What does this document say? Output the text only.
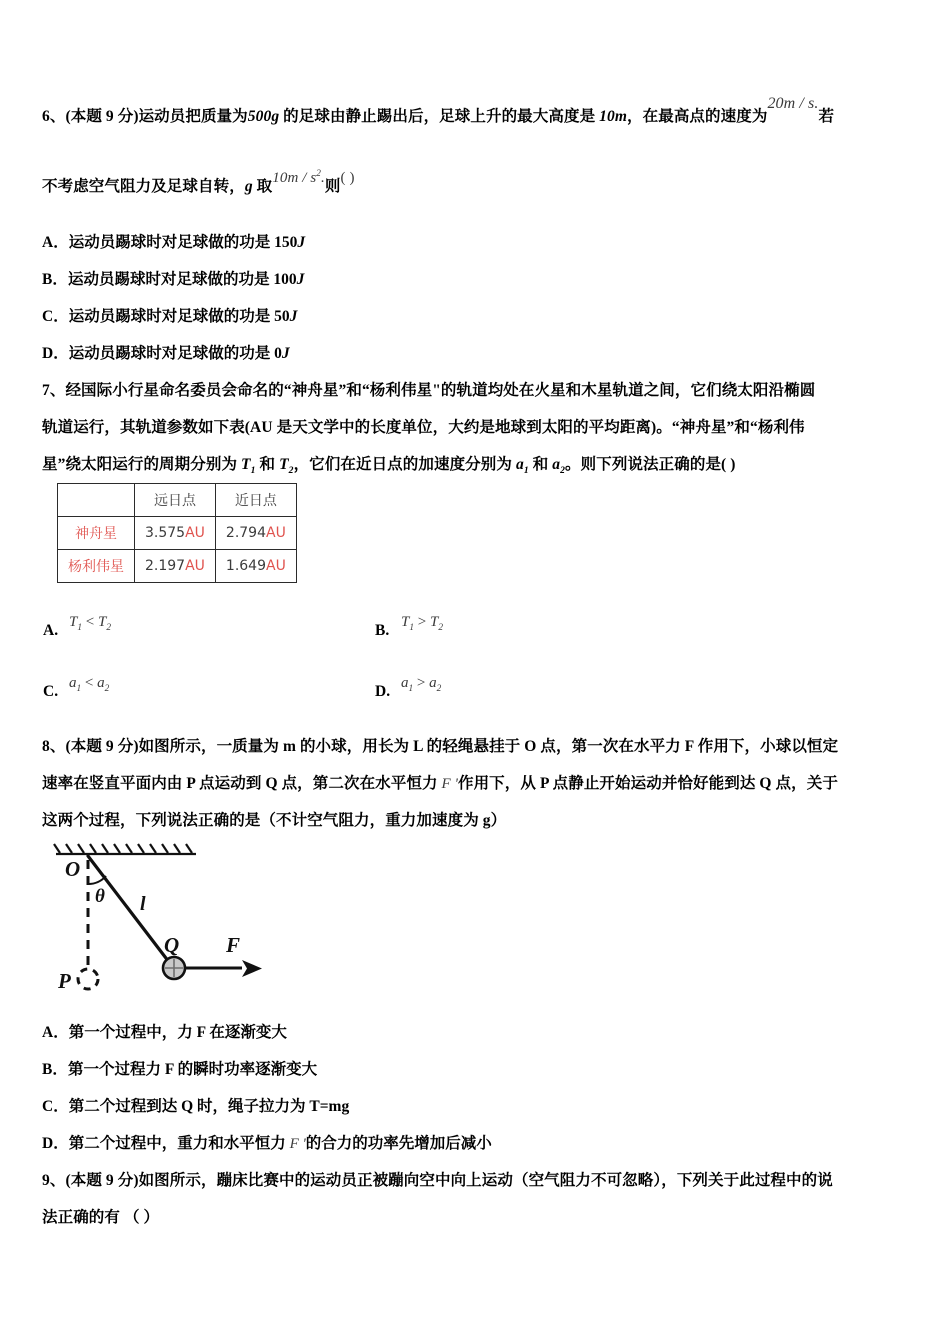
6、(本题 9 分)运动员把质量为500g 的足球由静止踢出后，足球上升的最大高度是 10m，在最高点的速度为20m / s.若
不考虑空气阻力及足球自转，g 取$10m / s^2$.则( )
A．运动员踢球时对足球做的功是 150J
B．运动员踢球时对足球做的功是 100J
C．运动员踢球时对足球做的功是 50J
D．运动员踢球时对足球做的功是 0J
7、经国际小行星命名委员会命名的“神舟星”和“杨利伟星"的轨道均处在火星和木星轨道之间，它们绕太阳沿椭圆
轨道运行，其轨道参数如下表(AU 是天文学中的长度单位，大约是地球到太阳的平均距离)。“神舟星”和“杨利伟
星”绕太阳运行的周期分别为 $T_1$ 和 $T_2$，它们在近日点的加速度分别为 $a_1$ 和 $a_2$。则下列说法正确的是( )
	远日点	近日点
神舟星	3.575AU	2.794AU
杨利伟星	2.197AU	1.649AU
A. $T_1 < T_2$	B. $T_1 > T_2$
C. $a_1 < a_2$	D. $a_1 > a_2$
8、(本题 9 分)如图所示，一质量为 m 的小球，用长为 L 的轻绳悬挂于 O 点，第一次在水平力 F 作用下，小球以恒定
速率在竖直平面内由 P 点运动到 Q 点，第二次在水平恒力 F '作用下，从 P 点静止开始运动并恰好能到达 Q 点，关于
这两个过程，下列说法正确的是（不计空气阻力，重力加速度为 g）
O
θ l
Q F
P
A．第一个过程中，力 F 在逐渐变大
B．第一个过程力 F 的瞬时功率逐渐变大
C．第二个过程到达 Q 时，绳子拉力为 T=mg
D．第二个过程中，重力和水平恒力 F '的合力的功率先增加后减小
9、(本题 9 分)如图所示，蹦床比赛中的运动员正被蹦向空中向上运动（空气阻力不可忽略），下列关于此过程中的说
法正确的有 （ ）
